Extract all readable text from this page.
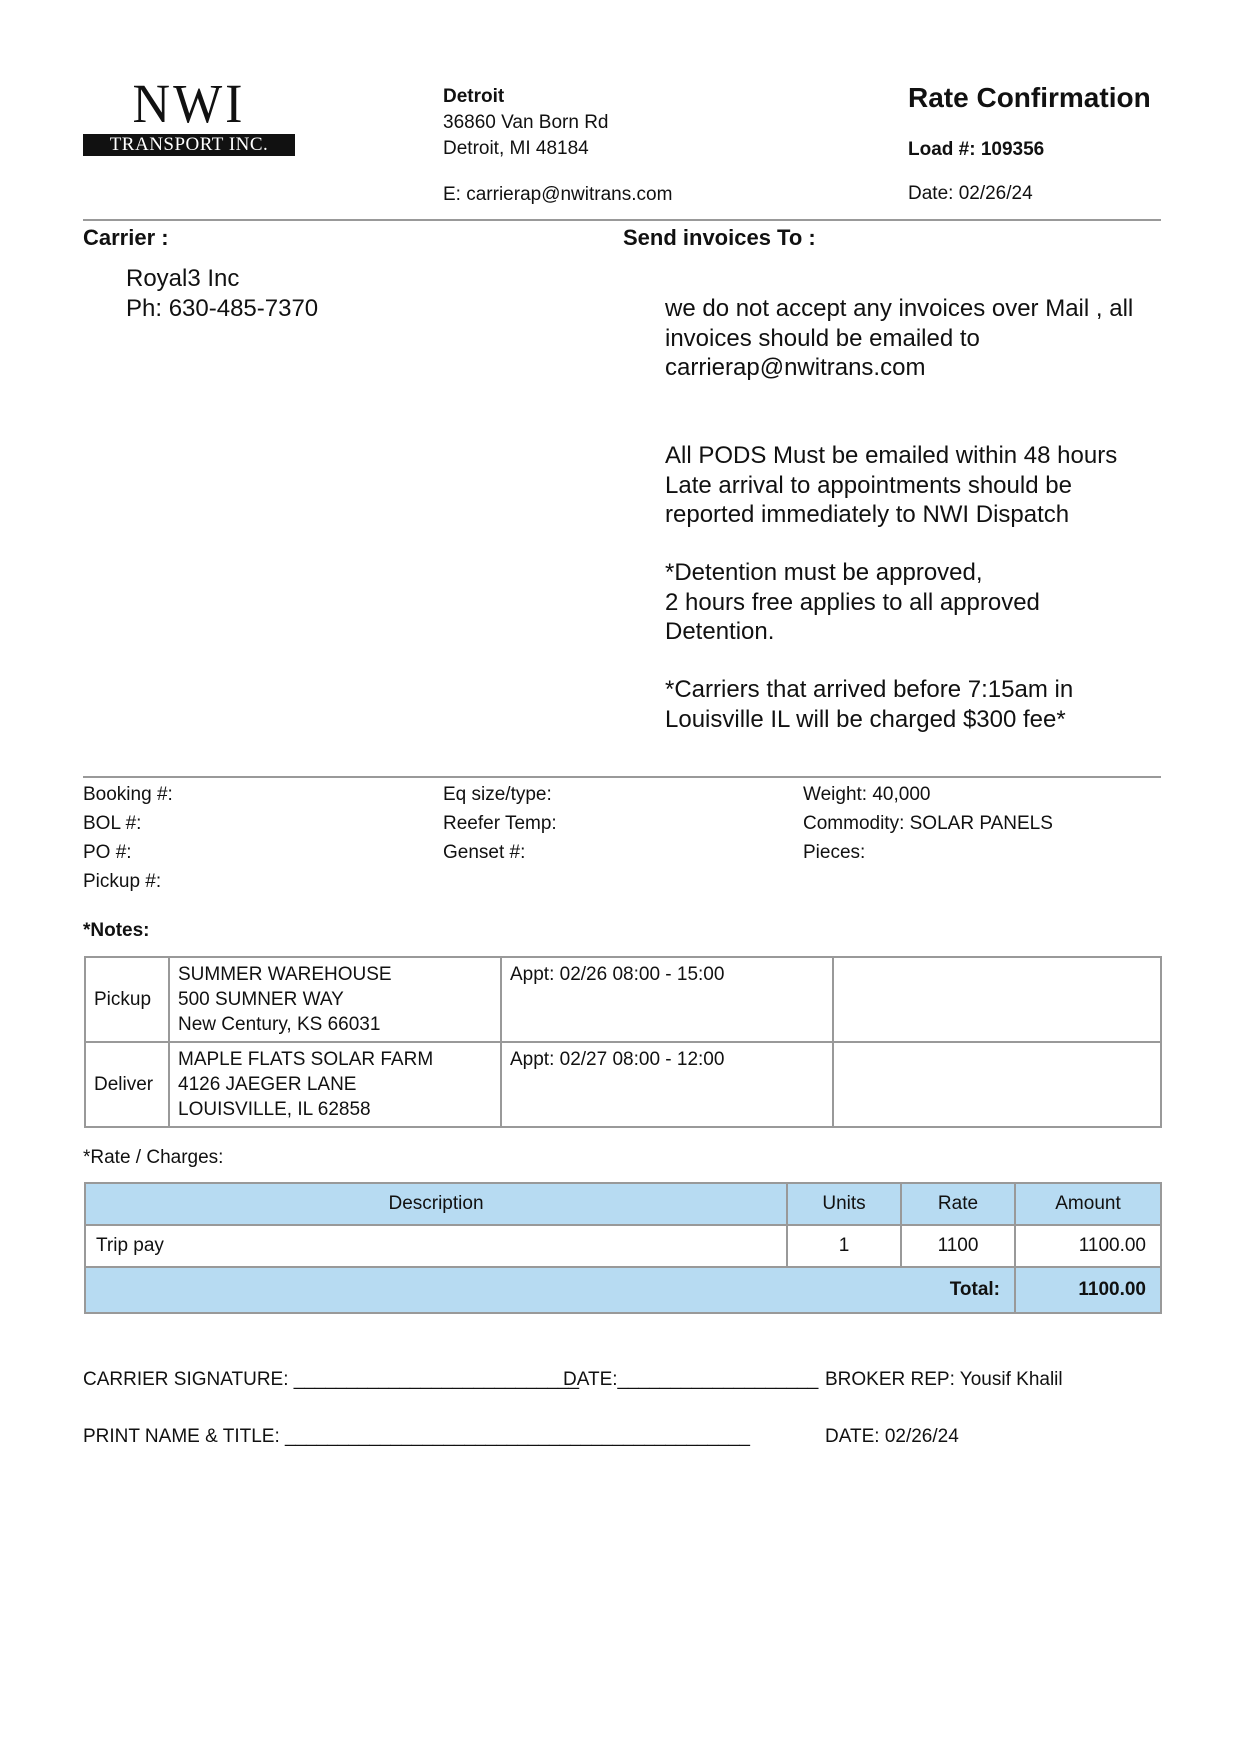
NWI
TRANSPORT INC.
Detroit
36860 Van Born Rd
Detroit, MI 48184
E: carrierap@nwitrans.com
Rate Confirmation
Load #: 109356
Date: 02/26/24
Carrier :
Royal3 Inc
Ph: 630-485-7370
Send invoices To :
we do not accept any invoices over Mail , all
invoices should be emailed to
carrierap@nwitrans.com
All PODS Must be emailed within 48 hours
Late arrival to appointments should be
reported immediately to NWI Dispatch
*Detention must be approved,
2 hours free applies to all approved
Detention.
*Carriers that arrived before 7:15am in
Louisville IL will be charged $300 fee*
Booking #:
BOL #:
PO #:
Pickup #:
Eq size/type:
Reefer Temp:
Genset #:
Weight: 40,000
Commodity: SOLAR PANELS
Pieces:
*Notes:
Pickup	SUMMER WAREHOUSE
500 SUMNER WAY
New Century, KS 66031	Appt: 02/26 08:00 - 15:00	
Deliver	MAPLE FLATS SOLAR FARM
4126 JAEGER LANE
LOUISVILLE, IL 62858	Appt: 02/27 08:00 - 12:00	
*Rate / Charges:
Description	Units	Rate	Amount
Trip pay	1	1100	1100.00
Total:			1100.00
CARRIER SIGNATURE: ___________________________
DATE:___________________ BROKER REP: Yousif Khalil
PRINT NAME & TITLE: ____________________________________________	DATE: 02/26/24
